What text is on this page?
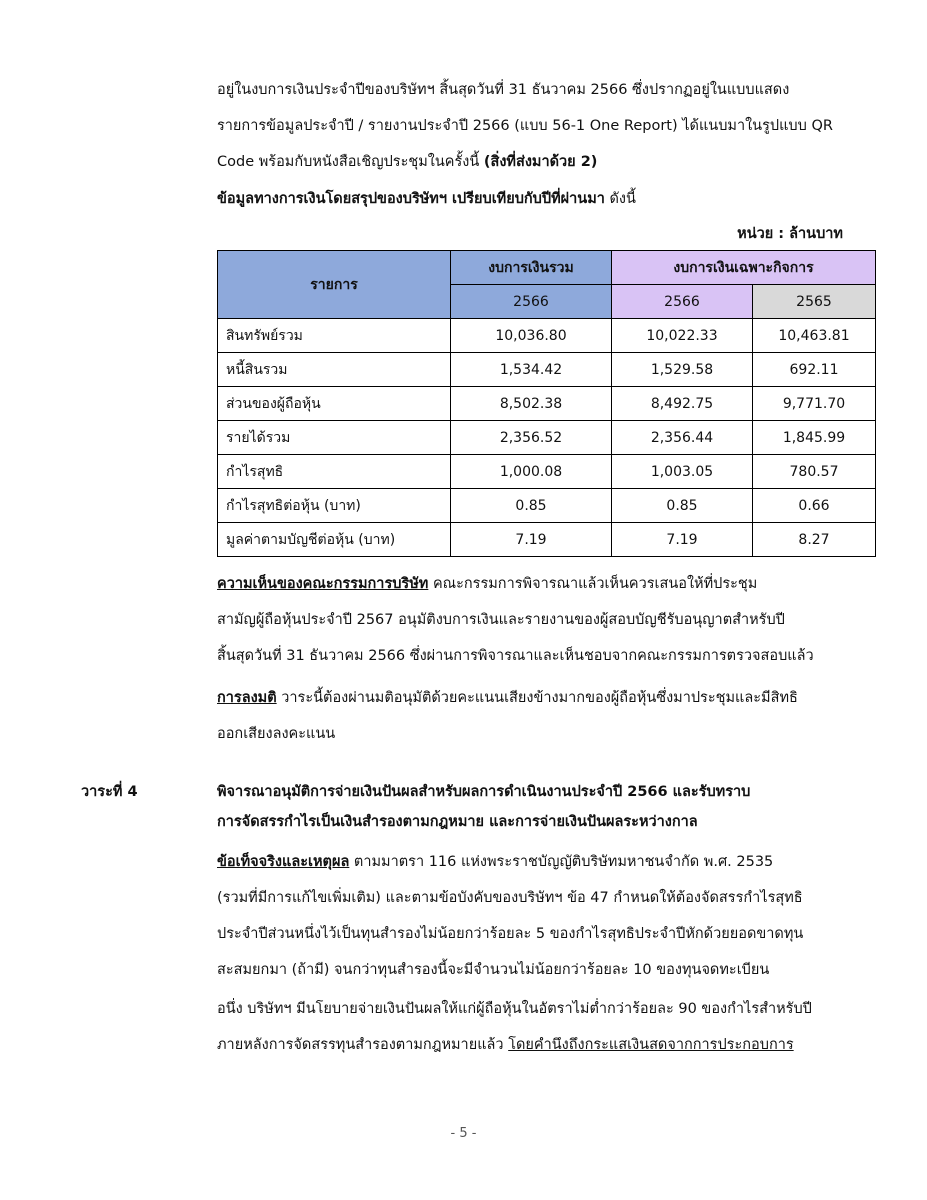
อยู่ในงบการเงินประจำปีของบริษัทฯ สิ้นสุดวันที่ 31 ธันวาคม 2566 ซึ่งปรากฏอยู่ในแบบแสดง
รายการข้อมูลประจำปี / รายงานประจำปี 2566 (แบบ 56-1 One Report) ได้แนบมาในรูปแบบ QR
Code พร้อมกับหนังสือเชิญประชุมในครั้งนี้ (สิ่งที่ส่งมาด้วย 2)
ข้อมูลทางการเงินโดยสรุปของบริษัทฯ เปรียบเทียบกับปีที่ผ่านมา ดังนี้
หน่วย : ล้านบาท
รายการ	งบการเงินรวม	งบการเงินเฉพาะกิจการ	
	2566	2566	2565
สินทรัพย์รวม	10,036.80	10,022.33	10,463.81
หนี้สินรวม	1,534.42	1,529.58	692.11
ส่วนของผู้ถือหุ้น	8,502.38	8,492.75	9,771.70
รายได้รวม	2,356.52	2,356.44	1,845.99
กำไรสุทธิ	1,000.08	1,003.05	780.57
กำไรสุทธิต่อหุ้น (บาท)	0.85	0.85	0.66
มูลค่าตามบัญชีต่อหุ้น (บาท)	7.19	7.19	8.27
ความเห็นของคณะกรรมการบริษัท คณะกรรมการพิจารณาแล้วเห็นควรเสนอให้ที่ประชุม
สามัญผู้ถือหุ้นประจำปี 2567 อนุมัติงบการเงินและรายงานของผู้สอบบัญชีรับอนุญาตสำหรับปี
สิ้นสุดวันที่ 31 ธันวาคม 2566 ซึ่งผ่านการพิจารณาและเห็นชอบจากคณะกรรมการตรวจสอบแล้ว
การลงมติ วาระนี้ต้องผ่านมติอนุมัติด้วยคะแนนเสียงข้างมากของผู้ถือหุ้นซึ่งมาประชุมและมีสิทธิ
ออกเสียงลงคะแนน
วาระที่ 4	พิจารณาอนุมัติการจ่ายเงินปันผลสำหรับผลการดำเนินงานประจำปี 2566 และรับทราบ
การจัดสรรกำไรเป็นเงินสำรองตามกฎหมาย และการจ่ายเงินปันผลระหว่างกาล
ข้อเท็จจริงและเหตุผล ตามมาตรา 116 แห่งพระราชบัญญัติบริษัทมหาชนจำกัด พ.ศ. 2535
(รวมที่มีการแก้ไขเพิ่มเติม) และตามข้อบังคับของบริษัทฯ ข้อ 47 กำหนดให้ต้องจัดสรรกำไรสุทธิ
ประจำปีส่วนหนึ่งไว้เป็นทุนสำรองไม่น้อยกว่าร้อยละ 5 ของกำไรสุทธิประจำปีหักด้วยยอดขาดทุน
สะสมยกมา (ถ้ามี) จนกว่าทุนสำรองนี้จะมีจำนวนไม่น้อยกว่าร้อยละ 10 ของทุนจดทะเบียน
อนึ่ง บริษัทฯ มีนโยบายจ่ายเงินปันผลให้แก่ผู้ถือหุ้นในอัตราไม่ต่ำกว่าร้อยละ 90 ของกำไรสำหรับปี
ภายหลังการจัดสรรทุนสำรองตามกฎหมายแล้ว โดยคำนึงถึงกระแสเงินสดจากการประกอบการ
- 5 -
